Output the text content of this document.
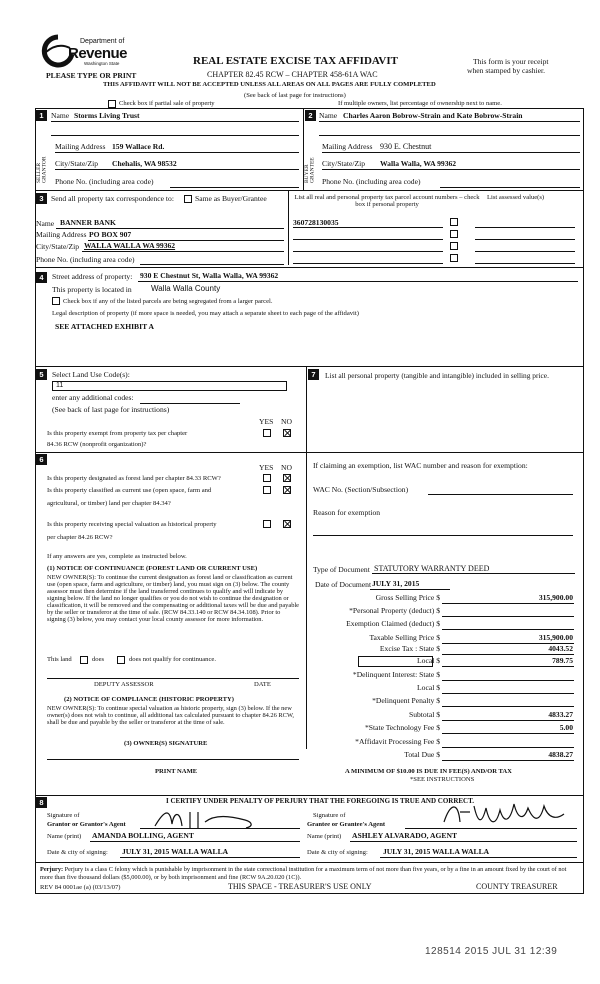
Department of
Revenue
Washington State
PLEASE TYPE OR PRINT
REAL ESTATE EXCISE TAX AFFIDAVIT
CHAPTER 82.45 RCW – CHAPTER 458-61A WAC
THIS AFFIDAVIT WILL NOT BE ACCEPTED UNLESS ALL AREAS ON ALL PAGES ARE FULLY COMPLETED
(See back of last page for instructions)
This form is your receipt
when stamped by cashier.
Check box if partial sale of property	If multiple owners, list percentage of ownership next to name.
1	2
SELLER GRANTOR	BUYER GRANTEE
Name Storms Living Trust
Mailing Address 159 Wallace Rd.
City/State/Zip Chehalis, WA 98532
Phone No. (including area code)
Name Charles Aaron Bobrow-Strain and Kate Bobrow-Strain
Mailing Address 930 E. Chestnut
City/State/Zip Walla Walla, WA 99362
Phone No. (including area code)
3 Send all property tax correspondence to:	Same as Buyer/Grantee	List all real and personal property tax parcel account numbers – check box if personal property
List assessed value(s)
Name BANNER BANK
Mailing Address PO BOX 907
City/State/Zip WALLA WALLA WA 99362
Phone No. (including area code)
360728130035
4	Street address of property: 930 E Chestnut St, Walla Walla, WA 99362
This property is located in Walla Walla County
Check box if any of the listed parcels are being segregated from a larger parcel.
Legal description of property (if more space is needed, you may attach a separate sheet to each page of the affidavit)
SEE ATTACHED EXHIBIT A
5	Select Land Use Code(s):
11
enter any additional codes:
(See back of last page for instructions)
YES NO
Is this property exempt from property tax per chapter
84.36 RCW (nonprofit organization)?
7	List all personal property (tangible and intangible) included in selling price.
6
YES NO
Is this property designated as forest land per chapter 84.33 RCW?
Is this property classified as current use (open space, farm and
agricultural, or timber) land per chapter 84.34?
Is this property receiving special valuation as historical property
per chapter 84.26 RCW?
If any answers are yes, complete as instructed below.
(1) NOTICE OF CONTINUANCE (FOREST LAND OR CURRENT USE)
NEW OWNER(S): To continue the current designation as forest land or classification as current use (open space, farm and agriculture, or timber) land, you must sign on (3) below. The county assessor must then determine if the land transferred continues to qualify and will indicate by signing below. If the land no longer qualifies or you do not wish to continue the designation or classification, it will be removed and the compensating or additional taxes will be due and payable by the seller or transferor at the time of sale. (RCW 84.33.140 or RCW 84.34.108). Prior to signing (3) below, you may contact your local county assessor for more information.
This land	does	does not qualify for continuance.
DEPUTY ASSESSOR	DATE
(2) NOTICE OF COMPLIANCE (HISTORIC PROPERTY)
NEW OWNER(S): To continue special valuation as historic property, sign (3) below. If the new owner(s) does not wish to continue, all additional tax calculated pursuant to chapter 84.26 RCW, shall be due and payable by the seller or transferor at the time of sale.
(3) OWNER(S) SIGNATURE
PRINT NAME
If claiming an exemption, list WAC number and reason for exemption:
WAC No. (Section/Subsection)
Reason for exemption
Type of Document STATUTORY WARRANTY DEED
Date of Document JULY 31, 2015
Gross Selling Price $	315,900.00
*Personal Property (deduct) $
Exemption Claimed (deduct) $
Taxable Selling Price $	315,900.00
Excise Tax : State $	4043.52
Local $	789.75
*Delinquent Interest: State $
Local $
*Delinquent Penalty $
Subtotal $	4833.27
*State Technology Fee $	5.00
*Affidavit Processing Fee $
Total Due $	4838.27
A MINIMUM OF $10.00 IS DUE IN FEE(S) AND/OR TAX
*SEE INSTRUCTIONS
8	I CERTIFY UNDER PENALTY OF PERJURY THAT THE FOREGOING IS TRUE AND CORRECT.
Signature of
Grantor or Grantor's Agent
Signature of
Grantee or Grantee's Agent
Name (print) AMANDA BOLLING, AGENT	Name (print) ASHLEY ALVARADO, AGENT
Date & city of signing: JULY 31, 2015 WALLA WALLA	Date & city of signing: JULY 31, 2015 WALLA WALLA
Perjury: Perjury is a class C felony which is punishable by imprisonment in the state correctional institution for a maximum term of not more than five years, or by a fine in an amount fixed by the court of not more than five thousand dollars ($5,000.00), or by both imprisonment and fine (RCW 9A.20.020 (1C)).
REV 84 0001ae (a) (03/13/07)	THIS SPACE - TREASURER'S USE ONLY	COUNTY TREASURER
128514 2015 JUL 31 12:39
